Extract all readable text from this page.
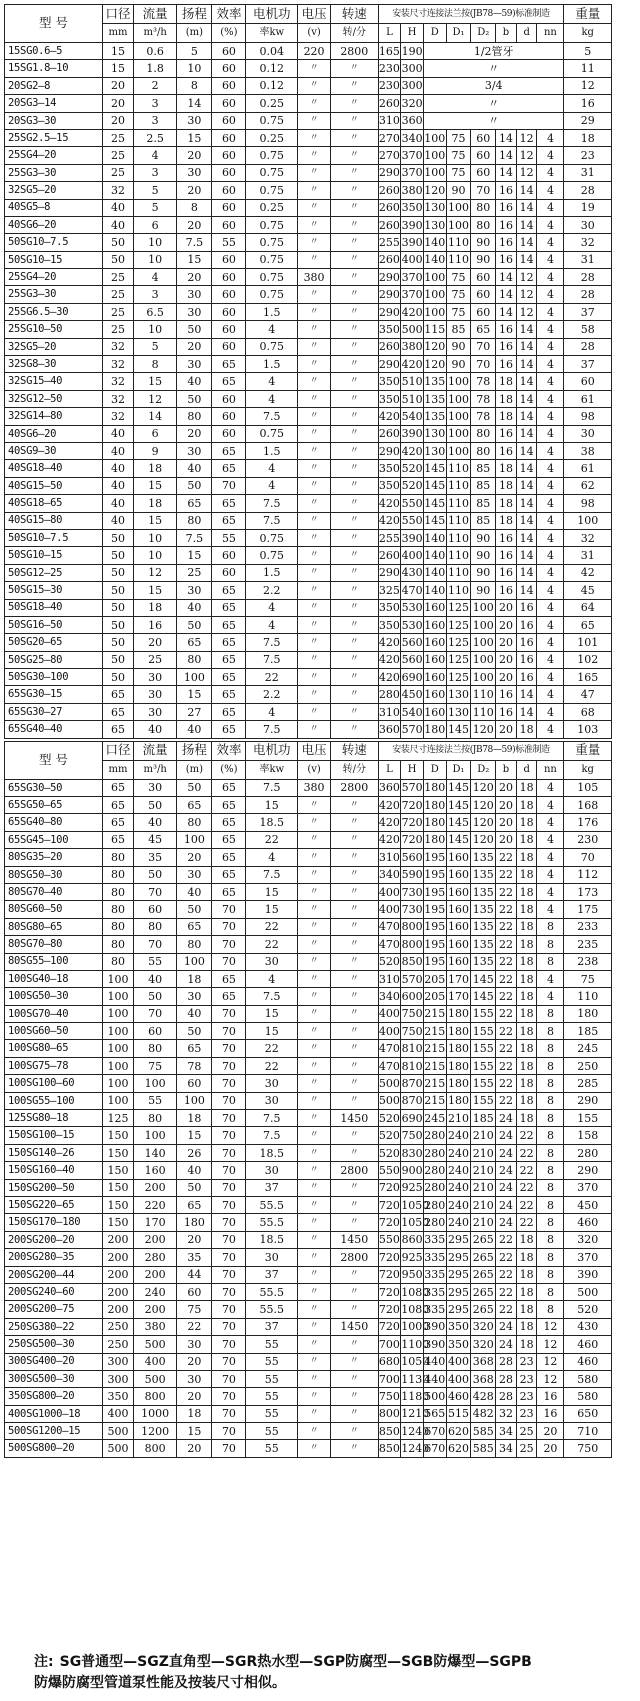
型 号	口径	流量	扬程	效率	电机功	电压	转速	安装尺寸连接法兰按(JB78—59)标准制造								重量
	mm	m³/h	(m)	(%)	率kw	(v)	转/分	L	H	D	D₁	D₂	b	d	nn	kg
15SG0.6—5	15	0.6	5	60	0.04	220	2800	165	190	1/2管牙						5
15SG1.8—10	15	1.8	10	60	0.12	〃	〃	230	300	〃						11
20SG2—8	20	2	8	60	0.12	〃	〃	230	300	3/4						12
20SG3—14	20	3	14	60	0.25	〃	〃	260	320	〃						16
20SG3—30	20	3	30	60	0.75	〃	〃	310	360	〃						29
25SG2.5—15	25	2.5	15	60	0.25	〃	〃	270	340	100	75	60	14	12	4	18
25SG4—20	25	4	20	60	0.75	〃	〃	270	370	100	75	60	14	12	4	23
25SG3—30	25	3	30	60	0.75	〃	〃	290	370	100	75	60	14	12	4	31
32SG5—20	32	5	20	60	0.75	〃	〃	260	380	120	90	70	16	14	4	28
40SG5—8	40	5	8	60	0.25	〃	〃	260	350	130	100	80	16	14	4	19
40SG6—20	40	6	20	60	0.75	〃	〃	260	390	130	100	80	16	14	4	30
50SG10—7.5	50	10	7.5	55	0.75	〃	〃	255	390	140	110	90	16	14	4	32
50SG10—15	50	10	15	60	0.75	〃	〃	260	400	140	110	90	16	14	4	31
25SG4—20	25	4	20	60	0.75	380	〃	290	370	100	75	60	14	12	4	28
25SG3—30	25	3	30	60	0.75	〃	〃	290	370	100	75	60	14	12	4	28
25SG6.5—30	25	6.5	30	60	1.5	〃	〃	290	420	100	75	60	14	12	4	37
25SG10—50	25	10	50	60	4	〃	〃	350	500	115	85	65	16	14	4	58
32SG5—20	32	5	20	60	0.75	〃	〃	260	380	120	90	70	16	14	4	28
32SG8—30	32	8	30	65	1.5	〃	〃	290	420	120	90	70	16	14	4	37
32SG15—40	32	15	40	65	4	〃	〃	350	510	135	100	78	18	14	4	60
32SG12—50	32	12	50	60	4	〃	〃	350	510	135	100	78	18	14	4	61
32SG14—80	32	14	80	60	7.5	〃	〃	420	540	135	100	78	18	14	4	98
40SG6—20	40	6	20	60	0.75	〃	〃	260	390	130	100	80	16	14	4	30
40SG9—30	40	9	30	65	1.5	〃	〃	290	420	130	100	80	16	14	4	38
40SG18—40	40	18	40	65	4	〃	〃	350	520	145	110	85	18	14	4	61
40SG15—50	40	15	50	70	4	〃	〃	350	520	145	110	85	18	14	4	62
40SG18—65	40	18	65	65	7.5	〃	〃	420	550	145	110	85	18	14	4	98
40SG15—80	40	15	80	65	7.5	〃	〃	420	550	145	110	85	18	14	4	100
50SG10—7.5	50	10	7.5	55	0.75	〃	〃	255	390	140	110	90	16	14	4	32
50SG10—15	50	10	15	60	0.75	〃	〃	260	400	140	110	90	16	14	4	31
50SG12—25	50	12	25	60	1.5	〃	〃	290	430	140	110	90	16	14	4	42
50SG15—30	50	15	30	65	2.2	〃	〃	325	470	140	110	90	16	14	4	45
50SG18—40	50	18	40	65	4	〃	〃	350	530	160	125	100	20	16	4	64
50SG16—50	50	16	50	65	4	〃	〃	350	530	160	125	100	20	16	4	65
50SG20—65	50	20	65	65	7.5	〃	〃	420	560	160	125	100	20	16	4	101
50SG25—80	50	25	80	65	7.5	〃	〃	420	560	160	125	100	20	16	4	102
50SG30—100	50	30	100	65	22	〃	〃	420	690	160	125	100	20	16	4	165
65SG30—15	65	30	15	65	2.2	〃	〃	280	450	160	130	110	16	14	4	47
65SG30—27	65	30	27	65	4	〃	〃	310	540	160	130	110	16	14	4	68
65SG40—40	65	40	40	65	7.5	〃	〃	360	570	180	145	120	20	18	4	103
型 号	口径	流量	扬程	效率	电机功	电压	转速	安装尺寸连接法兰按(JB78—59)标准制造								重量
	mm	m³/h	(m)	(%)	率kw	(v)	转/分	L	H	D	D₁	D₂	b	d	nn	kg
65SG30—50	65	30	50	65	7.5	380	2800	360	570	180	145	120	20	18	4	105
65SG50—65	65	50	65	65	15	〃	〃	420	720	180	145	120	20	18	4	168
65SG40—80	65	40	80	65	18.5	〃	〃	420	720	180	145	120	20	18	4	176
65SG45—100	65	45	100	65	22	〃	〃	420	720	180	145	120	20	18	4	230
80SG35—20	80	35	20	65	4	〃	〃	310	560	195	160	135	22	18	4	70
80SG50—30	80	50	30	65	7.5	〃	〃	340	590	195	160	135	22	18	4	112
80SG70—40	80	70	40	65	15	〃	〃	400	730	195	160	135	22	18	4	173
80SG60—50	80	60	50	70	15	〃	〃	400	730	195	160	135	22	18	4	175
80SG80—65	80	80	65	70	22	〃	〃	470	800	195	160	135	22	18	8	233
80SG70—80	80	70	80	70	22	〃	〃	470	800	195	160	135	22	18	8	235
80SG55—100	80	55	100	70	30	〃	〃	520	850	195	160	135	22	18	8	238
100SG40—18	100	40	18	65	4	〃	〃	310	570	205	170	145	22	18	4	75
100SG50—30	100	50	30	65	7.5	〃	〃	340	600	205	170	145	22	18	4	110
100SG70—40	100	70	40	70	15	〃	〃	400	750	215	180	155	22	18	8	180
100SG60—50	100	60	50	70	15	〃	〃	400	750	215	180	155	22	18	8	185
100SG80—65	100	80	65	70	22	〃	〃	470	810	215	180	155	22	18	8	245
100SG75—78	100	75	78	70	22	〃	〃	470	810	215	180	155	22	18	8	250
100SG100—60	100	100	60	70	30	〃	〃	500	870	215	180	155	22	18	8	285
100SG55—100	100	55	100	70	30	〃	〃	500	870	215	180	155	22	18	8	290
125SG80—18	125	80	18	70	7.5	〃	1450	520	690	245	210	185	24	18	8	155
150SG100—15	150	100	15	70	7.5	〃	〃	520	750	280	240	210	24	22	8	158
150SG140—26	150	140	26	70	18.5	〃	〃	520	830	280	240	210	24	22	8	280
150SG160—40	150	160	40	70	30	〃	2800	550	900	280	240	210	24	22	8	290
150SG200—50	150	200	50	70	37	〃	〃	720	925	280	240	210	24	22	8	370
150SG220—65	150	220	65	70	55.5	〃	〃	720	1050	280	240	210	24	22	8	450
150SG170—180	150	170	180	70	55.5	〃	〃	720	1050	280	240	210	24	22	8	460
200SG200—20	200	200	20	70	18.5	〃	1450	550	860	335	295	265	22	18	8	320
200SG280—35	200	280	35	70	30	〃	2800	720	925	335	295	265	22	18	8	370
200SG200—44	200	200	44	70	37	〃	〃	720	950	335	295	265	22	18	8	390
200SG240—60	200	240	60	70	55.5	〃	〃	720	1080	335	295	265	22	18	8	500
200SG200—75	200	200	75	70	55.5	〃	〃	720	1080	335	295	265	22	18	8	520
250SG380—22	250	380	22	70	37	〃	1450	720	1000	390	350	320	24	18	12	430
250SG500—30	250	500	30	70	55	〃	〃	700	1100	390	350	320	24	18	12	460
300SG400—20	300	400	20	70	55	〃	〃	680	1050	440	400	368	28	23	12	460
300SG500—30	300	500	30	70	55	〃	〃	700	1130	440	400	368	28	23	12	580
350SG800—20	350	800	20	70	55	〃	〃	750	1180	500	460	428	28	23	16	580
400SG1000—18	400	1000	18	70	55	〃	〃	800	1210	565	515	482	32	23	16	650
500SG1200—15	500	1200	15	70	55	〃	〃	850	1240	670	620	585	34	25	20	710
500SG800—20	500	800	20	70	55	〃	〃	850	1240	670	620	585	34	25	20	750
注: SG普通型—SGZ直角型—SGR热水型—SGP防腐型—SGB防爆型—SGPB
防爆防腐型管道泵性能及按装尺寸相似。
